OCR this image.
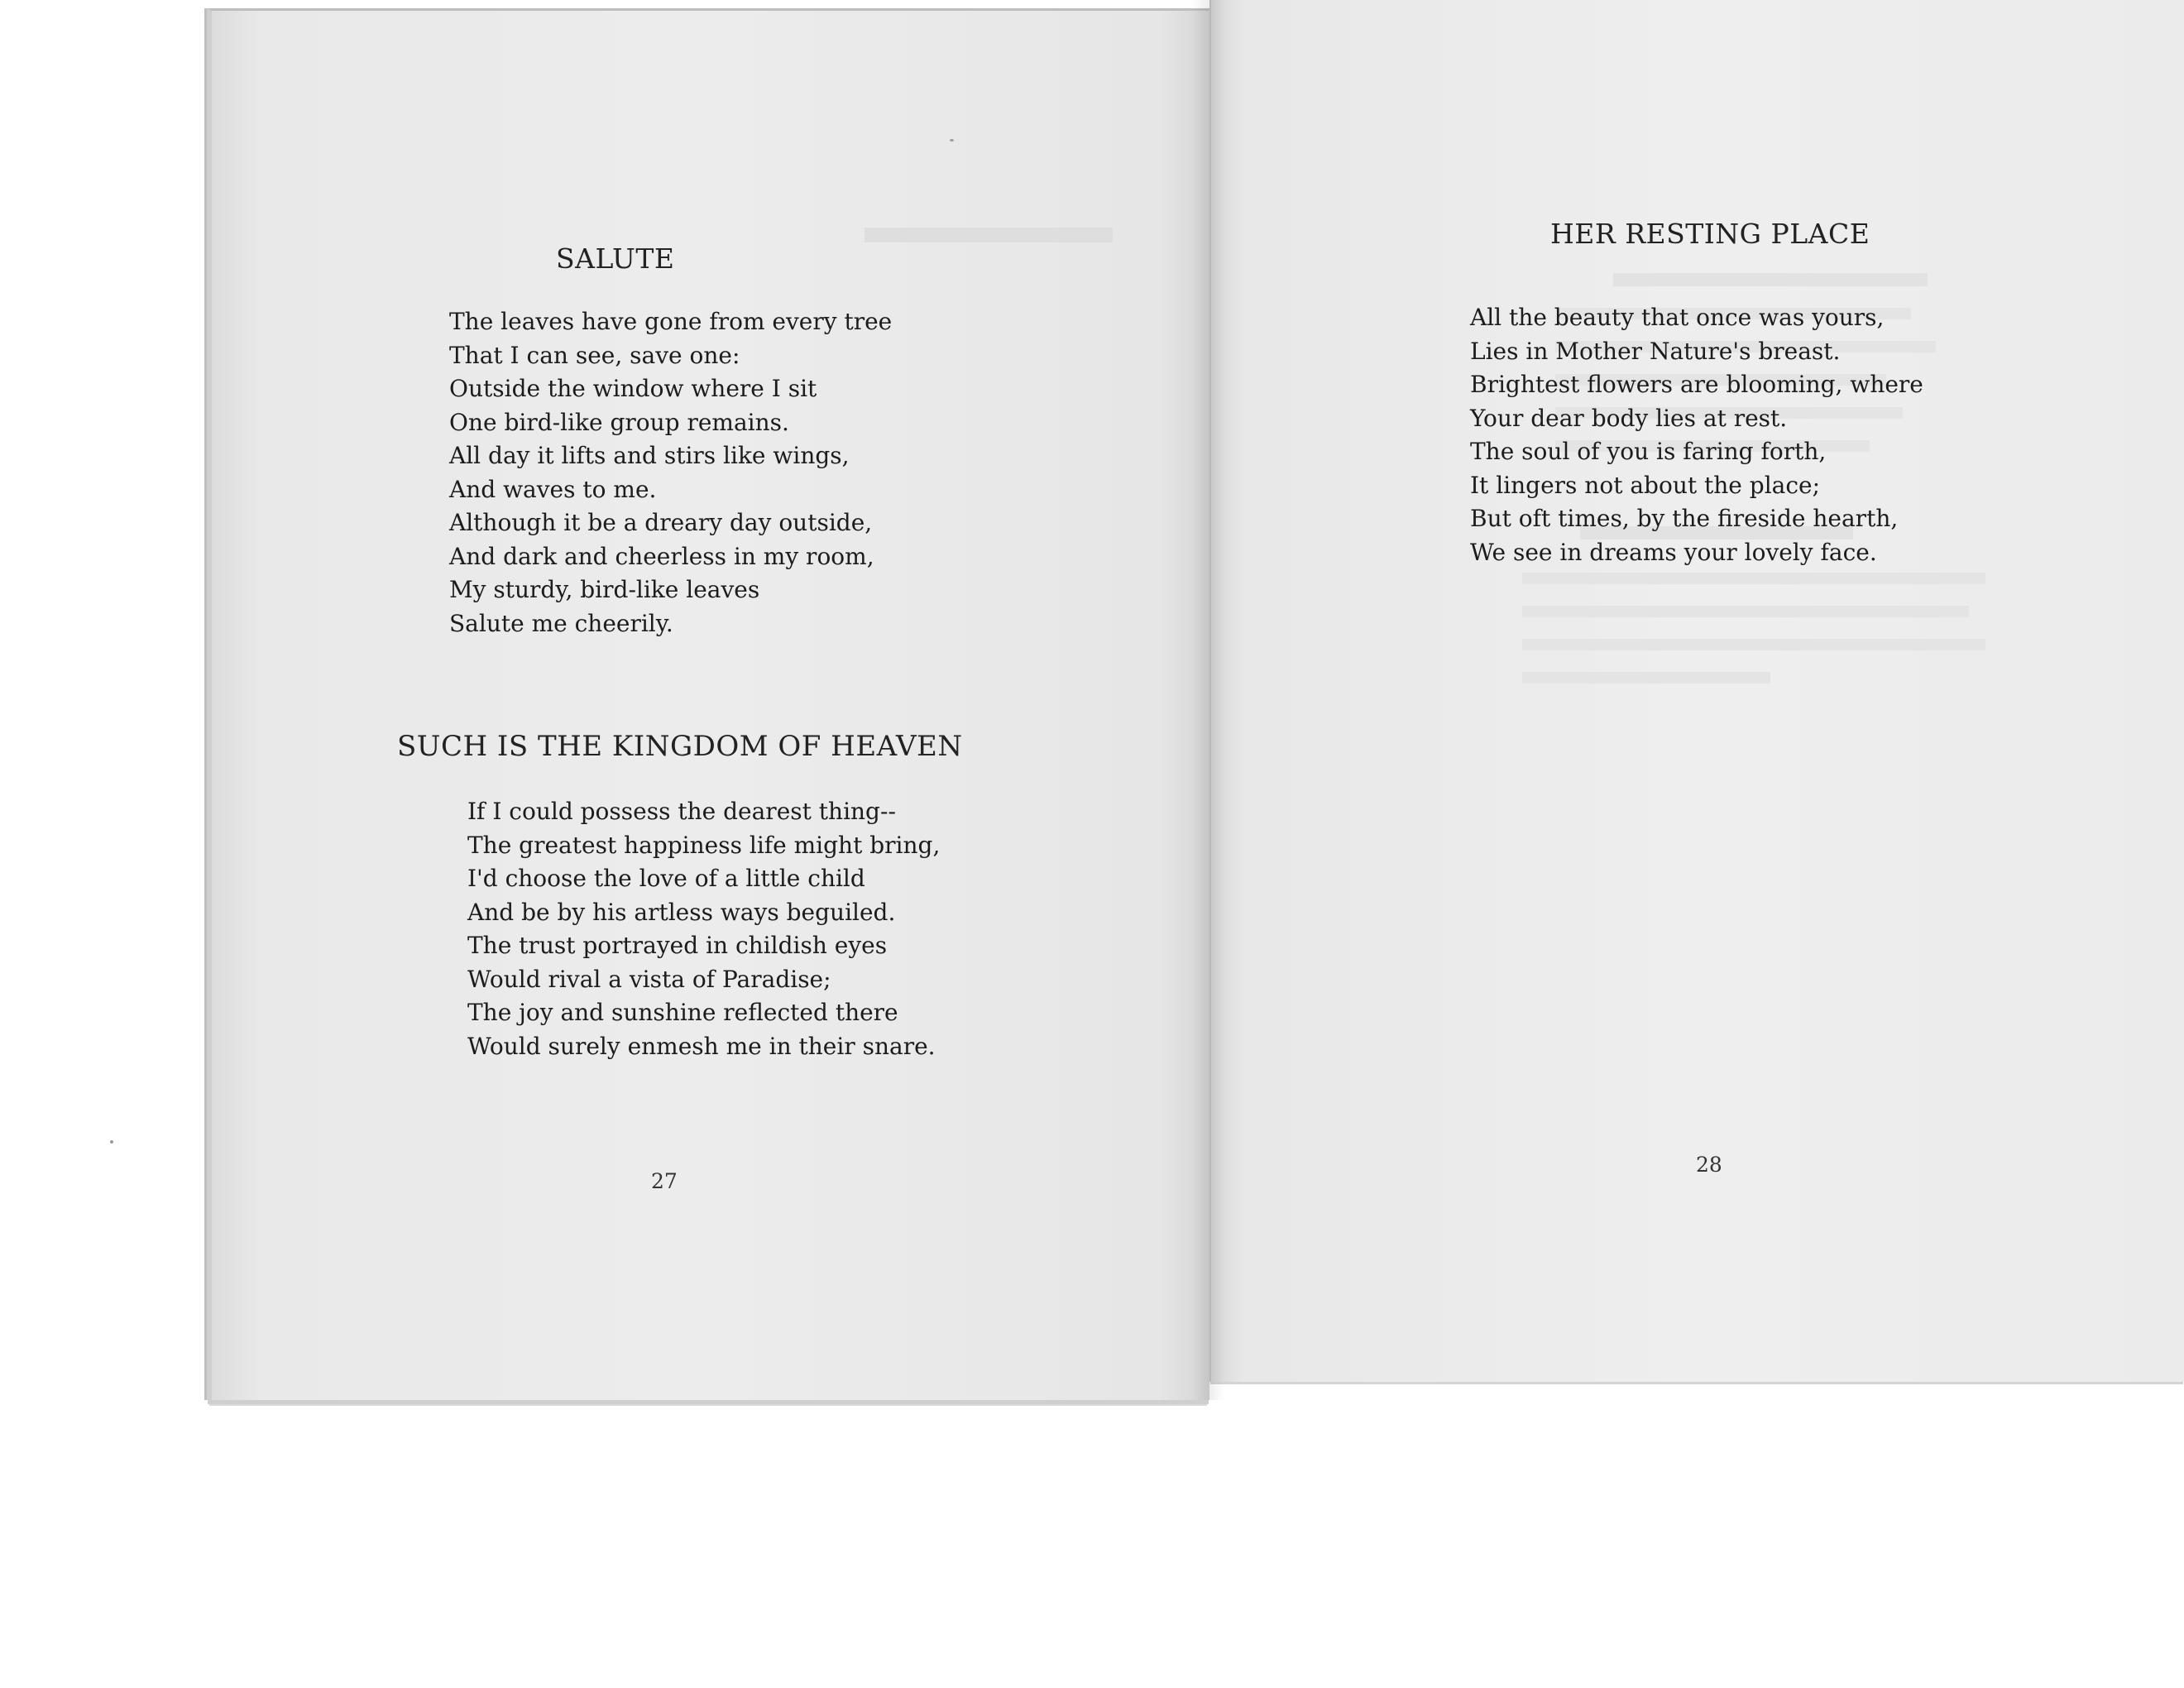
SALUTE
The leaves have gone from every tree
That I can see, save one:
Outside the window where I sit
One bird-like group remains.
All day it lifts and stirs like wings,
And waves to me.
Although it be a dreary day outside,
And dark and cheerless in my room,
My sturdy, bird-like leaves
Salute me cheerily.
SUCH IS THE KINGDOM OF HEAVEN
If I could possess the dearest thing--
The greatest happiness life might bring,
I'd choose the love of a little child
And be by his artless ways beguiled.
The trust portrayed in childish eyes
Would rival a vista of Paradise;
The joy and sunshine reflected there
Would surely enmesh me in their snare.
27
HER RESTING PLACE
All the beauty that once was yours,
Lies in Mother Nature's breast.
Brightest flowers are blooming, where
Your dear body lies at rest.
The soul of you is faring forth,
It lingers not about the place;
But oft times, by the fireside hearth,
We see in dreams your lovely face.
28
